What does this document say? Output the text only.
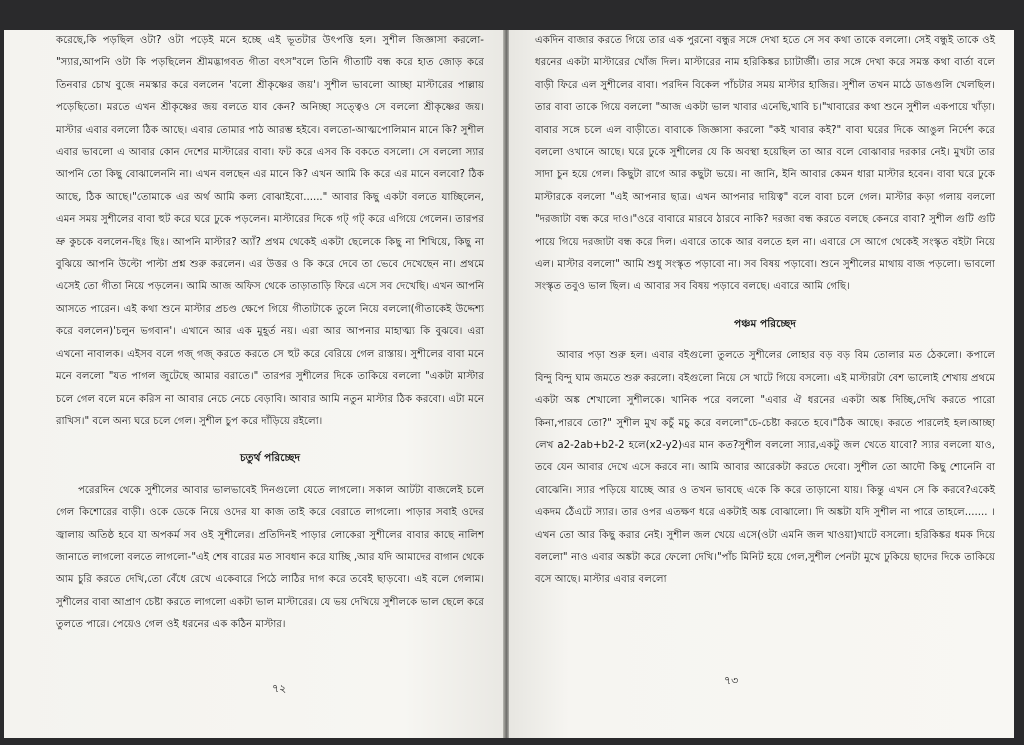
করেছে,কি পড়ছিল ওটা? ওটা পড়েই মনে হচ্ছে এই ভূতটার উৎপত্তি হল। সুশীল জিজ্ঞাসা করলো-"স্যার,আপনি ওটা কি পড়ছিলেন শ্রীমদ্ভাগবত গীতা বৎস"বলে তিনি গীতাটি বন্ধ করে হাত জোড় করে তিনবার চোখ বুজে নমস্কার করে বললেন 'বলো শ্রীকৃষ্ণের জয়'। সুশীল ভাবলো আচ্ছা মাস্টারের পাল্লায় পড়েছিতো। মরতে এখন শ্রীকৃষ্ণের জয় বলতে যাব কেন? অনিচ্ছা সত্ত্বেও সে বললো শ্রীকৃষ্ণের জয়। মাস্টার এবার বললো ঠিক আছে। এবার তোমার পাঠ আরম্ভ হইবে। বলতো-আত্মপোলিমান মানে কি? সুশীল এবার ভাবলো এ আবার কোন দেশের মাস্টারের বাবা। ফট করে এসব কি বকতে বসলো। সে বললো স্যার আপনি তো কিছু বোঝালেননি না। এখন বলছেন এর মানে কি? এখন আমি কি করে এর মানে বলবো? ঠিক আছে, ঠিক আছে।"তোমাকে এর অর্থ আমি কল্য বোঝাইবো......" আবার কিছু একটা বলতে যাচ্ছিলেন, এমন সময় সুশীলের বাবা হুট করে ঘরে ঢুকে পড়লেন। মাস্টারের দিকে গট্ গট্ করে এগিয়ে গেলেন। তারপর ভ্রু কুচকে বললেন-ছিঃ ছিঃ। আপনি মাস্টার? অ্যাঁ? প্রথম থেকেই একটা ছেলেকে কিছু না শিখিয়ে, কিছু না বুঝিয়ে আপনি উল্টো পাল্টা প্রশ্ন শুরু করলেন। এর উত্তর ও কি করে দেবে তা ভেবে দেখেছেন না। প্রথমে এসেই তো গীতা নিয়ে পড়লেন। আমি আজ অফিস থেকে তাড়াতাড়ি ফিরে এসে সব দেখেছি। এখন আপনি আসতে পারেন। এই কথা শুনে মাস্টার প্রচণ্ড ক্ষেপে গিয়ে গীতাটাকে তুলে নিয়ে বললো(গীতাকেই উদ্দেশ্য করে বললেন)'চলুন ভগবান'। এখানে আর এক মুহূর্ত নয়। এরা আর আপনার মাহাত্ম্য কি বুঝবে। এরা এখনো নাবালক। এইসব বলে গজ্ গজ্ করতে করতে সে হুট করে বেরিয়ে গেল রাস্তায়। সুশীলের বাবা মনে মনে বললো "যত পাগল জুটেছে আমার বরাতে।" তারপর সুশীলের দিকে তাকিয়ে বললো "একটা মাস্টার চলে গেল বলে মনে করিস না আবার নেচে নেচে বেড়াবি। আবার আমি নতুন মাস্টার ঠিক করবো। এটা মনে রাখিস।" বলে অন্য ঘরে চলে গেল। সুশীল চুপ করে দাঁড়িয়ে রইলো।

চতুর্থ পরিচ্ছেদ

পরেরদিন থেকে সুশীলের আবার ভালভাবেই দিনগুলো যেতে লাগলো। সকাল আটটা বাজলেই চলে গেল কিশোরের বাড়ী। ওকে ডেকে নিয়ে ওদের যা কাজ তাই করে বেরাতে লাগলো। পাড়ার সবাই ওদের জ্বালায় অতিষ্ঠ হবে যা অপকর্ম সব ওই সুশীলের। প্রতিদিনই পাড়ার লোকেরা সুশীলের বাবার কাছে নালিশ জানাতে লাগলো বলতে লাগলো-"এই শেষ বারের মত সাবধান করে যাচ্ছি ,আর যদি আমাদের বাগান থেকে আম চুরি করতে দেখি,তো বেঁধে রেখে একেবারে পিঠে লাঠির দাগ করে তবেই ছাড়বো। এই বলে গেলাম। সুশীলের বাবা আপ্রাণ চেষ্টা করতে লাগলো একটা ভাল মাস্টারের। যে ভয় দেখিয়ে সুশীলকে ভাল ছেলে করে তুলতে পারে। পেয়েও গেল ওই ধরনের এক কঠিন মাস্টার।

৭২

একদিন বাজার করতে গিয়ে তার এক পুরনো বন্ধুর সঙ্গে দেখা হতে সে সব কথা তাকে বললো। সেই বন্ধুই তাকে ওই ধরনের একটা মাস্টারের খোঁজ দিল। মাস্টারের নাম হরিকিঙ্কর চ্যাটার্জী। তার সঙ্গে দেখা করে সমস্ত কথা বার্তা বলে বাড়ী ফিরে এল সুশীলের বাবা। পরদিন বিকেল পাঁচটার সময় মাস্টার হাজির। সুশীল তখন মাঠে ডাঙগুলি খেলছিল। তার বাবা তাকে গিয়ে বললো "আজ একটা ভাল খাবার এনেছি,খাবি চ।"খাবারের কথা শুনে সুশীল একপায়ে খাঁড়া। বাবার সঙ্গে চলে এল বাড়ীতে। বাবাকে জিজ্ঞাসা করলো "কই খাবার কই?" বাবা ঘরের দিকে আঙুল নির্দেশ করে বললো ওখানে আছে। ঘরে ঢুকে সুশীলের যে কি অবস্থা হয়েছিল তা আর বলে বোঝাবার দরকার নেই। মুখটা তার সাদা চুন হয়ে গেল। কিছুটা রাগে আর কছুটা ভয়ে। না জানি, ইনি আবার কেমন ধারা মাস্টার হবেন। বাবা ঘরে ঢুকে মাস্টারকে বললো "এই আপনার ছাত্র। এখন আপনার দায়িত্ব" বলে বাবা চলে গেল। মাস্টার কড়া গলায় বললো "দরজাটা বন্ধ করে দাও।"ওরে বাবারে মারবে ঠারবে নাকি? দরজা বন্ধ করতে বলছে কেনরে বাবা? সুশীল গুটি গুটি পায়ে গিয়ে দরজাটা বন্ধ করে দিল। এবারে তাকে আর বলতে হল না। এবারে সে আগে থেকেই সংস্কৃত বইটা নিয়ে এল। মাস্টার বললো" আমি শুধু সংস্কৃত পড়াবো না। সব বিষয় পড়াবো। শুনে সুশীলের মাথায় বাজ পড়লো। ভাবলো সংস্কৃত তবুও ভাল ছিল। এ আবার সব বিষয় পড়াবে বলছে। এবারে আমি গেছি।

পঞ্চম পরিচ্ছেদ

আবার পড়া শুরু হল। এবার বইগুলো তুলতে সুশীলের লোহার বড় বড় বিম তোলার মত ঠেকলো। কপালে বিন্দু বিন্দু ঘাম জমতে শুরু করলো। বইগুলো নিয়ে সে খাটে গিয়ে বসলো। এই মাস্টারটা বেশ ভালোই শেখায় প্রথমে একটা অঙ্ক শেখালো সুশীলকে। খানিক পরে বললো "এবার ঐ ধরনের একটা অঙ্ক দিচ্ছি,দেখি করতে পারো কিনা,পারবে তো?" সুশীল মুখ কচুঁ মচু করে বললো"চে-চেষ্টা করতে হবে।"ঠিক আছে। করতে পারলেই হল।আচ্ছা লেখ a2-2ab+b2-2 হলে(x2-y2)এর মান কত?সুশীল বললো স্যার,একটু জল খেতে যাবো? স্যার বললো যাও, তবে যেন আবার দেখে এসে করবে না। আমি আবার আরেকটা করতে দেবো। সুশীল তো আদৌ কিছু শোনেনি বা বোঝেনি। স্যার পড়িয়ে যাচ্ছে আর ও তখন ভাবছে একে কি করে তাড়ানো যায়। কিন্তু এখন সে কি করবে?একেই একদম ঠেঁএটে স্যার। তার ওপর এতক্ষণ ধরে একটাই অঙ্ক বোঝালো। দি অঙ্কটা যদি সুশীল না পারে তাহলে....... । এখন তো আর কিছু করার নেই। সুশীল জল খেয়ে এসে(ওটা এমনি জল খাওয়া)খাটে বসলো। হরিকিঙ্কর ধমক দিয়ে বললো" নাও এবার অঙ্কটা করে ফেলো দেখি।"পাঁচ মিনিট হয়ে গেল,সুশীল পেনটা মুখে ঢুকিয়ে ছাদের দিকে তাকিয়ে বসে আছে। মাস্টার এবার বললো

৭৩
